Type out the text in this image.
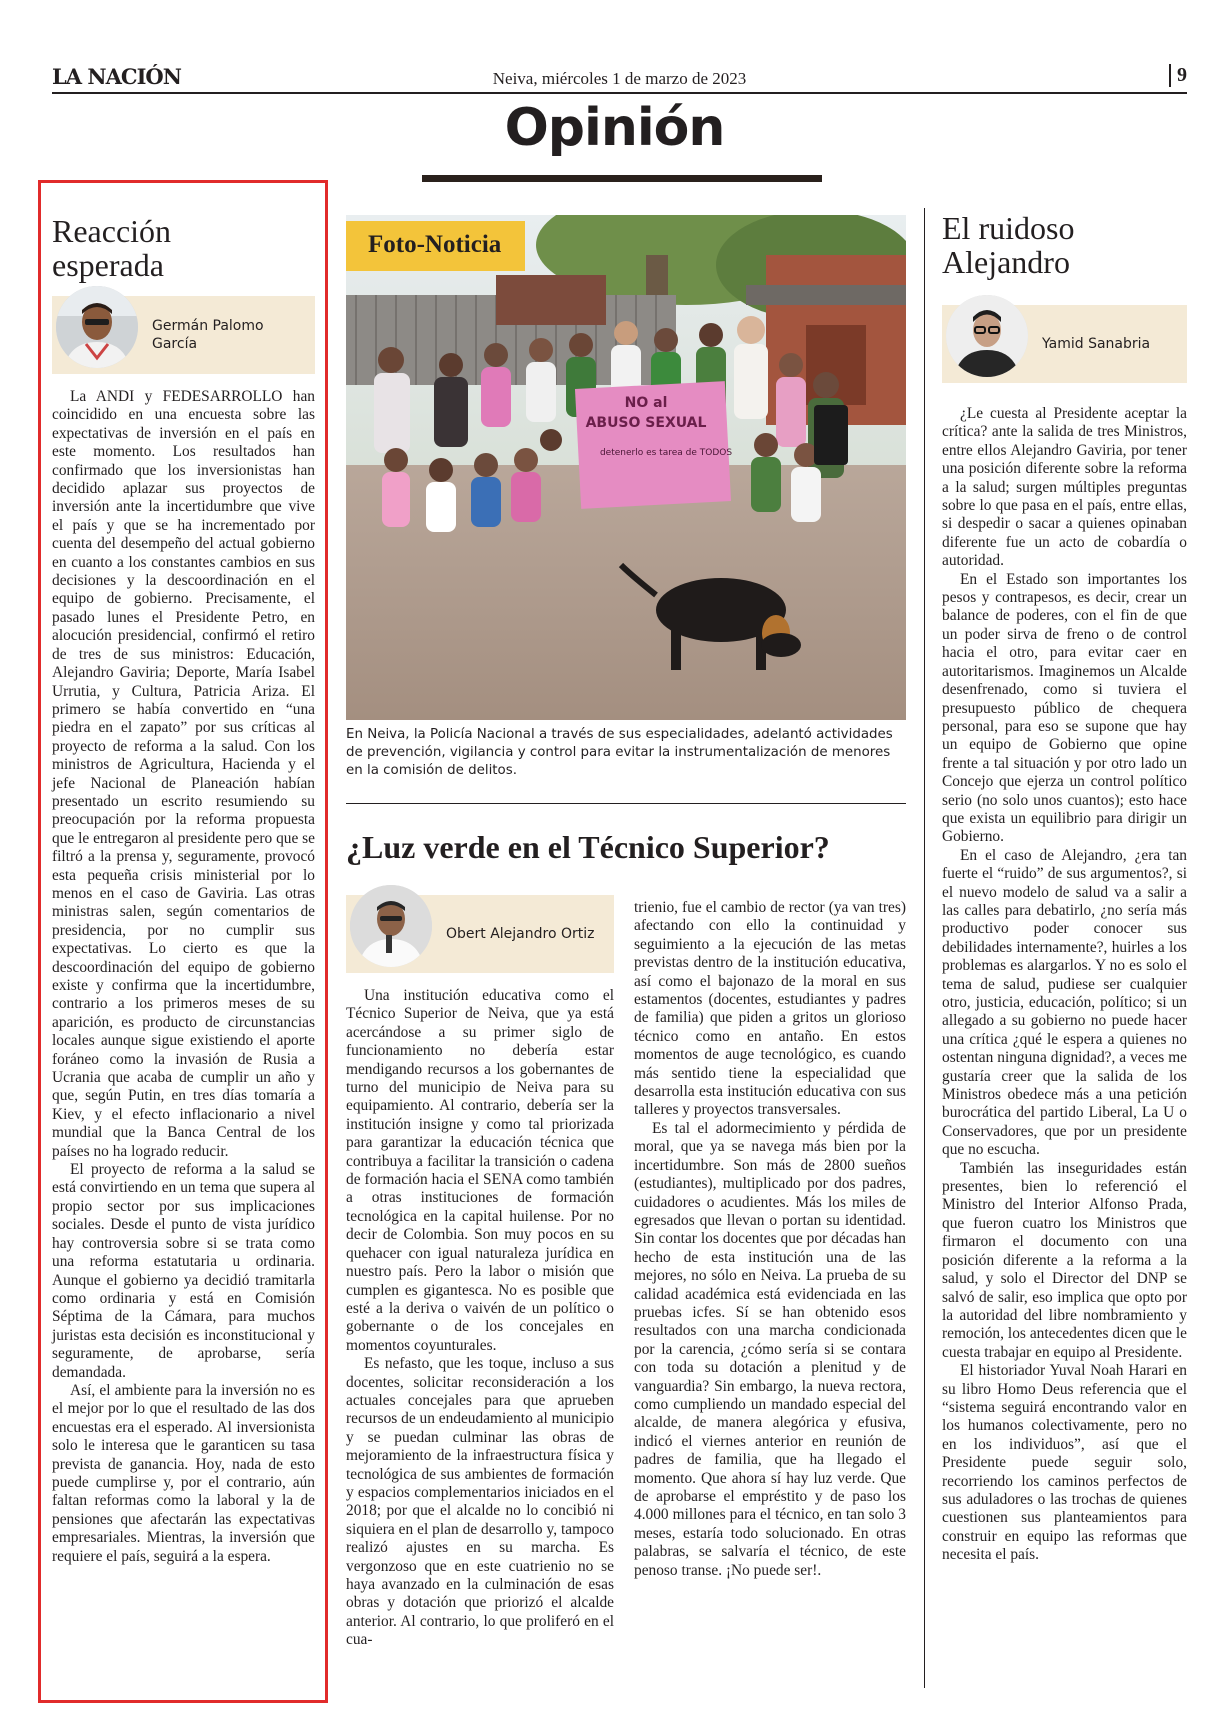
LA NACIÓN	Neiva, miércoles 1 de marzo de 2023	9
Opinión
Reacción
esperada
Germán Palomo
García

La ANDI y FEDESARROLLO han coincidido en una encuesta sobre las expectativas de inversión en el país en este momento. Los resultados han confirmado que los inversionistas han decidido aplazar sus proyectos de inversión ante la incertidumbre que vive el país y que se ha incrementado por cuenta del desempeño del actual gobierno en cuanto a los constantes cambios en sus decisiones y la descoordinación en el equipo de gobierno. Precisamente, el pasado lunes el Presidente Petro, en alocución presidencial, confirmó el retiro de tres de sus ministros: Educación, Alejandro Gaviria; Deporte, María Isabel Urrutia, y Cultura, Patricia Ariza. El primero se había convertido en “una piedra en el zapato” por sus críticas al proyecto de reforma a la salud. Con los ministros de Agricultura, Hacienda y el jefe Nacional de Planeación habían presentado un escrito resumiendo su preocupación por la reforma propuesta que le entregaron al presidente pero que se filtró a la prensa y, seguramente, provocó esta pequeña crisis ministerial por lo menos en el caso de Gaviria. Las otras ministras salen, según comentarios de presidencia, por no cumplir sus expectativas. Lo cierto es que la descoordinación del equipo de gobierno existe y confirma que la incertidumbre, contrario a los primeros meses de su aparición, es producto de circunstancias locales aunque sigue existiendo el aporte foráneo como la invasión de Rusia a Ucrania que acaba de cumplir un año y que, según Putin, en tres días tomaría a Kiev, y el efecto inflacionario a nivel mundial que la Banca Central de los países no ha logrado reducir.

El proyecto de reforma a la salud se está convirtiendo en un tema que supera al propio sector por sus implicaciones sociales. Desde el punto de vista jurídico hay controversia sobre si se trata como una reforma estatutaria u ordinaria. Aunque el gobierno ya decidió tramitarla como ordinaria y está en Comisión Séptima de la Cámara, para muchos juristas esta decisión es inconstitucional y seguramente, de aprobarse, sería demandada.

Así, el ambiente para la inversión no es el mejor por lo que el resultado de las dos encuestas era el esperado. Al inversionista solo le interesa que le garanticen su tasa prevista de ganancia. Hoy, nada de esto puede cumplirse y, por el contrario, aún faltan reformas como la laboral y la de pensiones que afectarán las expectativas empresariales. Mientras, la inversión que requiere el país, seguirá a la espera.

Foto-Noticia
NO al
ABUSO SEXUAL
detenerlo es tarea de TODOS
En Neiva, la Policía Nacional a través de sus especialidades, adelantó actividades de prevención, vigilancia y control para evitar la instrumentalización de menores en la comisión de delitos.
¿Luz verde en el Técnico Superior?
Obert Alejandro Ortiz

Una institución educativa como el Técnico Superior de Neiva, que ya está acercándose a su primer siglo de funcionamiento no debería estar mendigando recursos a los gobernantes de turno del municipio de Neiva para su equipamiento. Al contrario, debería ser la institución insigne y como tal priorizada para garantizar la educación técnica que contribuya a facilitar la transición o cadena de formación hacia el SENA como también a otras instituciones de formación tecnológica en la capital huilense. Por no decir de Colombia. Son muy pocos en su quehacer con igual naturaleza jurídica en nuestro país. Pero la labor o misión que cumplen es gigantesca. No es posible que esté a la deriva o vaivén de un político o gobernante o de los concejales en momentos coyunturales.

Es nefasto, que les toque, incluso a sus docentes, solicitar reconsideración a los actuales concejales para que aprueben recursos de un endeudamiento al municipio y se puedan culminar las obras de mejoramiento de la infraestructura física y tecnológica de sus ambientes de formación y espacios complementarios iniciados en el 2018; por que el alcalde no lo concibió ni siquiera en el plan de desarrollo y, tampoco realizó ajustes en su marcha. Es vergonzoso que en este cuatrienio no se haya avanzado en la culminación de esas obras y dotación que priorizó el alcalde anterior. Al contrario, lo que proliferó en el cua-

trienio, fue el cambio de rector (ya van tres) afectando con ello la continuidad y seguimiento a la ejecución de las metas previstas dentro de la institución educativa, así como el bajonazo de la moral en sus estamentos (docentes, estudiantes y padres de familia) que piden a gritos un glorioso técnico como en antaño. En estos momentos de auge tecnológico, es cuando más sentido tiene la especialidad que desarrolla esta institución educativa con sus talleres y proyectos transversales.

Es tal el adormecimiento y pérdida de moral, que ya se navega más bien por la incertidumbre. Son más de 2800 sueños (estudiantes), multiplicado por dos padres, cuidadores o acudientes. Más los miles de egresados que llevan o portan su identidad. Sin contar los docentes que por décadas han hecho de esta institución una de las mejores, no sólo en Neiva. La prueba de su calidad académica está evidenciada en las pruebas icfes. Sí se han obtenido esos resultados con una marcha condicionada por la carencia, ¿cómo sería si se contara con toda su dotación a plenitud y de vanguardia? Sin embargo, la nueva rectora, como cumpliendo un mandado especial del alcalde, de manera alegórica y efusiva, indicó el viernes anterior en reunión de padres de familia, que ha llegado el momento. Que ahora sí hay luz verde. Que de aprobarse el empréstito y de paso los 4.000 millones para el técnico, en tan solo 3 meses, estaría todo solucionado. En otras palabras, se salvaría el técnico, de este penoso transe. ¡No puede ser!.

El ruidoso
Alejandro
Yamid Sanabria

¿Le cuesta al Presidente aceptar la crítica? ante la salida de tres Ministros, entre ellos Alejandro Gaviria, por tener una posición diferente sobre la reforma a la salud; surgen múltiples preguntas sobre lo que pasa en el país, entre ellas, si despedir o sacar a quienes opinaban diferente fue un acto de cobardía o autoridad.

En el Estado son importantes los pesos y contrapesos, es decir, crear un balance de poderes, con el fin de que un poder sirva de freno o de control hacia el otro, para evitar caer en autoritarismos. Imaginemos un Alcalde desenfrenado, como si tuviera el presupuesto público de chequera personal, para eso se supone que hay un equipo de Gobierno que opine frente a tal situación y por otro lado un Concejo que ejerza un control político serio (no solo unos cuantos); esto hace que exista un equilibrio para dirigir un Gobierno.

En el caso de Alejandro, ¿era tan fuerte el “ruido” de sus argumentos?, si el nuevo modelo de salud va a salir a las calles para debatirlo, ¿no sería más productivo poder conocer sus debilidades internamente?, huirles a los problemas es alargarlos. Y no es solo el tema de salud, pudiese ser cualquier otro, justicia, educación, político; si un allegado a su gobierno no puede hacer una crítica ¿qué le espera a quienes no ostentan ninguna dignidad?, a veces me gustaría creer que la salida de los Ministros obedece más a una petición burocrática del partido Liberal, La U o Conservadores, que por un presidente que no escucha.

También las inseguridades están presentes, bien lo referenció el Ministro del Interior Alfonso Prada, que fueron cuatro los Ministros que firmaron el documento con una posición diferente a la reforma a la salud, y solo el Director del DNP se salvó de salir, eso implica que opto por la autoridad del libre nombramiento y remoción, los antecedentes dicen que le cuesta trabajar en equipo al Presidente.

El historiador Yuval Noah Harari en su libro Homo Deus referencia que el “sistema seguirá encontrando valor en los humanos colectivamente, pero no en los individuos”, así que el Presidente puede seguir solo, recorriendo los caminos perfectos de sus aduladores o las trochas de quienes cuestionen sus planteamientos para construir en equipo las reformas que necesita el país.
